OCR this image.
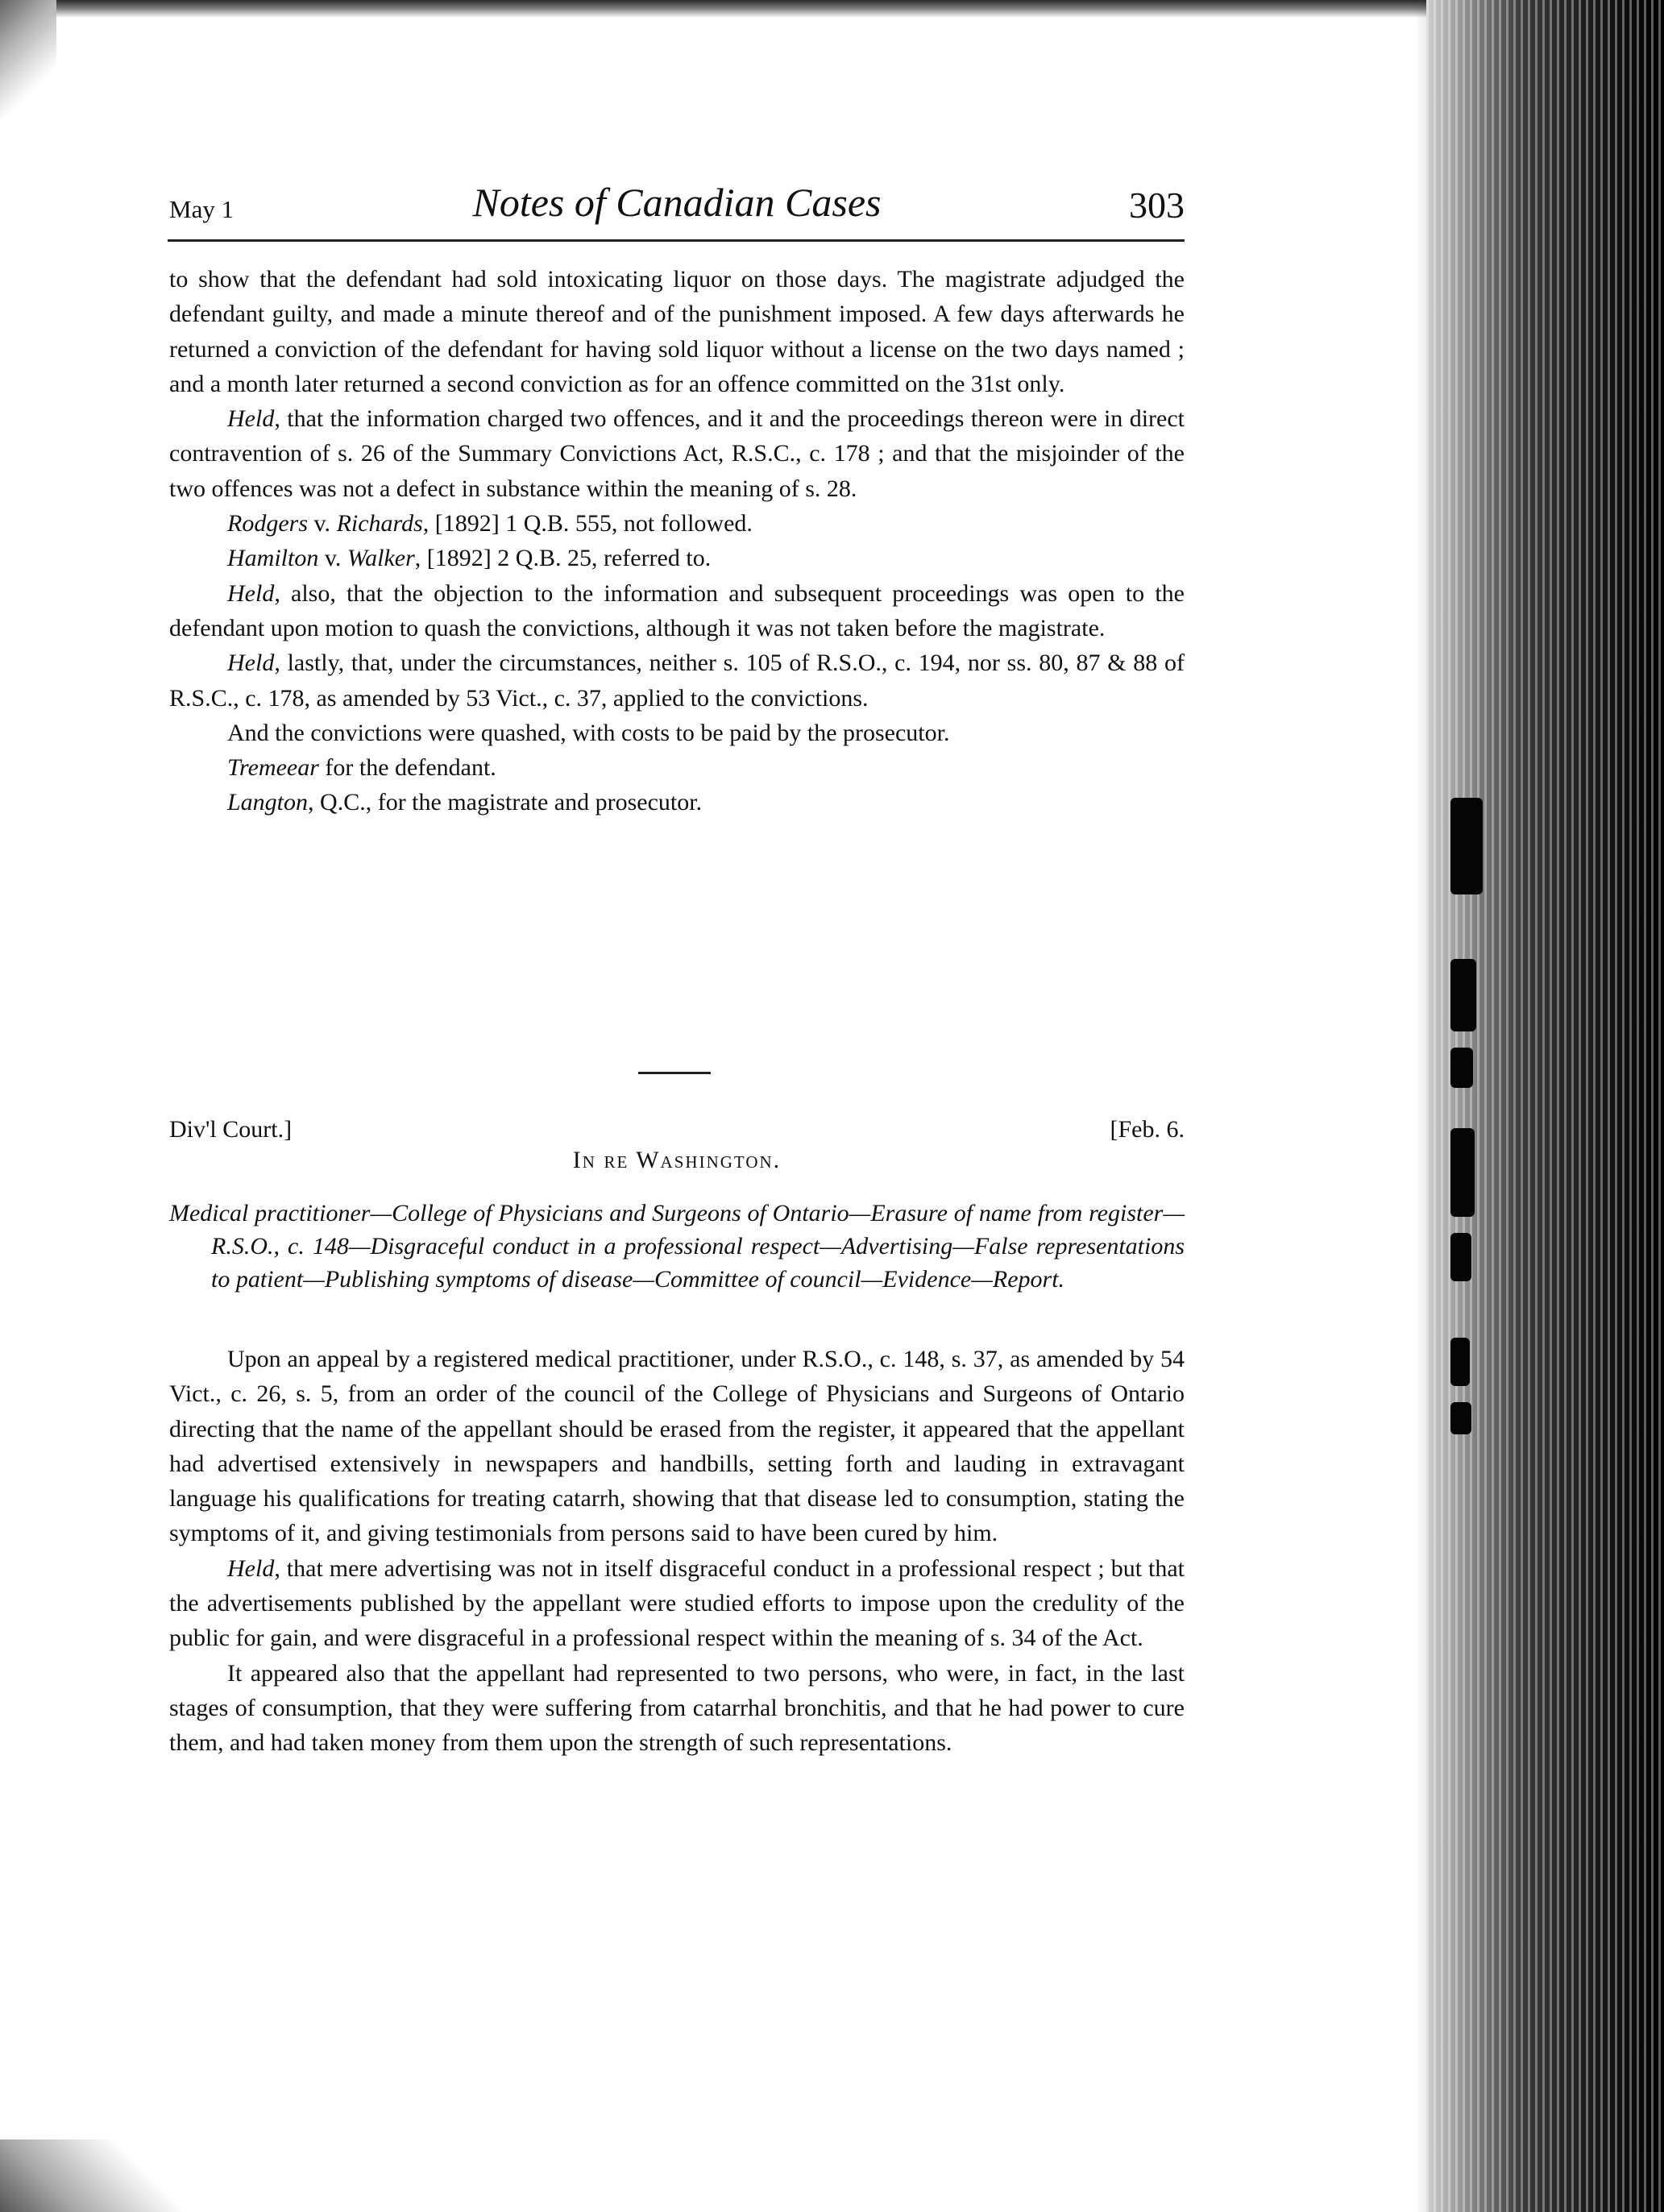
May 1	Notes of Canadian Cases	303

to show that the defendant had sold intoxicating liquor on those days. The magistrate adjudged the defendant guilty, and made a minute thereof and of the punishment imposed. A few days afterwards he returned a conviction of the defendant for having sold liquor without a license on the two days named ; and a month later returned a second conviction as for an offence committed on the 31st only.

Held, that the information charged two offences, and it and the proceedings thereon were in direct contravention of s. 26 of the Summary Convictions Act, R.S.C., c. 178 ; and that the misjoinder of the two offences was not a defect in substance within the meaning of s. 28.

Rodgers v. Richards, [1892] 1 Q.B. 555, not followed.

Hamilton v. Walker, [1892] 2 Q.B. 25, referred to.

Held, also, that the objection to the information and subsequent proceedings was open to the defendant upon motion to quash the convictions, although it was not taken before the magistrate.

Held, lastly, that, under the circumstances, neither s. 105 of R.S.O., c. 194, nor ss. 80, 87 & 88 of R.S.C., c. 178, as amended by 53 Vict., c. 37, applied to the convictions.

And the convictions were quashed, with costs to be paid by the prosecutor.

Tremeear for the defendant.

Langton, Q.C., for the magistrate and prosecutor.

Div'l Court.]	[Feb. 6.
In re Washington.

Medical practitioner—College of Physicians and Surgeons of Ontario—Erasure of name from register—R.S.O., c. 148—Disgraceful conduct in a professional respect—Advertising—False representations to patient—Publishing symptoms of disease—Committee of council—Evidence—Report.

Upon an appeal by a registered medical practitioner, under R.S.O., c. 148, s. 37, as amended by 54 Vict., c. 26, s. 5, from an order of the council of the College of Physicians and Surgeons of Ontario directing that the name of the appellant should be erased from the register, it appeared that the appellant had advertised extensively in newspapers and handbills, setting forth and lauding in extravagant language his qualifications for treating catarrh, showing that that disease led to consumption, stating the symptoms of it, and giving testimonials from persons said to have been cured by him.

Held, that mere advertising was not in itself disgraceful conduct in a professional respect ; but that the advertisements published by the appellant were studied efforts to impose upon the credulity of the public for gain, and were disgraceful in a professional respect within the meaning of s. 34 of the Act.

It appeared also that the appellant had represented to two persons, who were, in fact, in the last stages of consumption, that they were suffering from catarrhal bronchitis, and that he had power to cure them, and had taken money from them upon the strength of such representations.
